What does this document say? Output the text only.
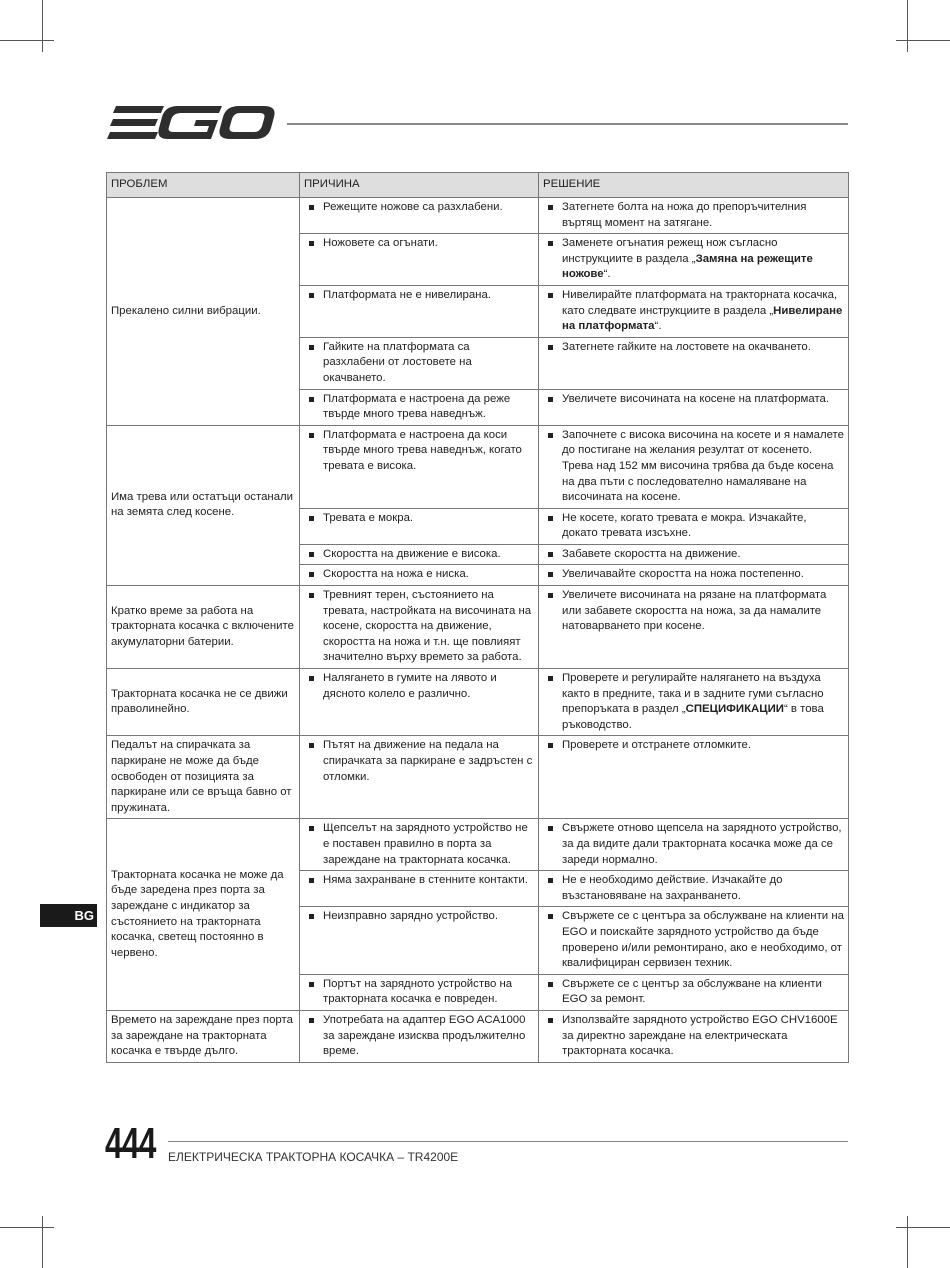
ПРОБЛЕМ	ПРИЧИНА	РЕШЕНИЕ
Прекалено силни вибрации.	Режещите ножове са разхлабени.	Затегнете болта на ножа до препоръчителния въртящ момент на затягане.

	Ножовете са огънати.	Заменете огънатия режещ нож съгласно инструкциите в раздела „Замяна на режещите ножове“.

	Платформата не е нивелирана.	Нивелирайте платформата на тракторната косачка, като следвате инструкциите в раздела „Нивелиране на платформата“.

	Гайките на платформата са разхлабени от лостовете на окачването.	Затегнете гайките на лостовете на окачването.

	Платформата е настроена да реже твърде много трева наведнъж.	Увеличете височината на косене на платформата.

Има трева или остатъци останали на земята след косене.	Платформата е настроена да коси твърде много трева наведнъж, когато тревата е висока.	Започнете с висока височина на косете и я намалете до постигане на желания резултат от косенето. Трева над 152 мм височина трябва да бъде косена на два пъти с последователно намаляване на височината на косене.

	Тревата е мокра.	Не косете, когато тревата е мокра. Изчакайте, докато тревата изсъхне.

	Скоростта на движение е висока.	Забавете скоростта на движение.

	Скоростта на ножа е ниска.	Увеличавайте скоростта на ножа постепенно.

Кратко време за работа на тракторната косачка с включените акумулаторни батерии.	Тревният терен, състоянието на тревата, настройката на височината на косене, скоростта на движение, скоростта на ножа и т.н. ще повлияят значително върху времето за работа.	Увеличете височината на рязане на платформата или забавете скоростта на ножа, за да намалите натоварването при косене.

Тракторната косачка не се движи праволинейно.	Налягането в гумите на лявото и дясното колело е различно.	Проверете и регулирайте налягането на въздуха както в предните, така и в задните гуми съгласно препоръката в раздел „СПЕЦИФИКАЦИИ“ в това ръководство.

Педалът на спирачката за паркиране не може да бъде освободен от позицията за паркиране или се връща бавно от пружината.	Пътят на движение на педала на спирачката за паркиране е задръстен с отломки.	Проверете и отстранете отломките.

Тракторната косачка не може да бъде заредена през порта за зареждане с индикатор за състоянието на тракторната косачка, светещ постоянно в червено.	Щепселът на зарядното устройство не е поставен правилно в порта за зареждане на тракторната косачка.	Свържете отново щепсела на зарядното устройство, за да видите дали тракторната косачка може да се зареди нормално.

	Няма захранване в стенните контакти.	Не е необходимо действие. Изчакайте до възстановяване на захранването.

	Неизправно зарядно устройство.	Свържете се с центъра за обслужване на клиенти на EGO и поискайте зарядното устройство да бъде проверено и/или ремонтирано, ако е необходимо, от квалифициран сервизен техник.

	Портът на зарядното устройство на тракторната косачка е повреден.	Свържете се с център за обслужване на клиенти EGO за ремонт.

Времето на зареждане през порта за зареждане на тракторната косачка е твърде дълго.	Употребата на адаптер EGO ACA1000 за зареждане изисква продължително време.	Използвайте зарядното устройство EGO CHV1600E за директно зареждане на електрическата тракторната косачка.
BG
444 ЕЛЕКТРИЧЕСКА ТРАКТОРНА КОСАЧКА – TR4200E
